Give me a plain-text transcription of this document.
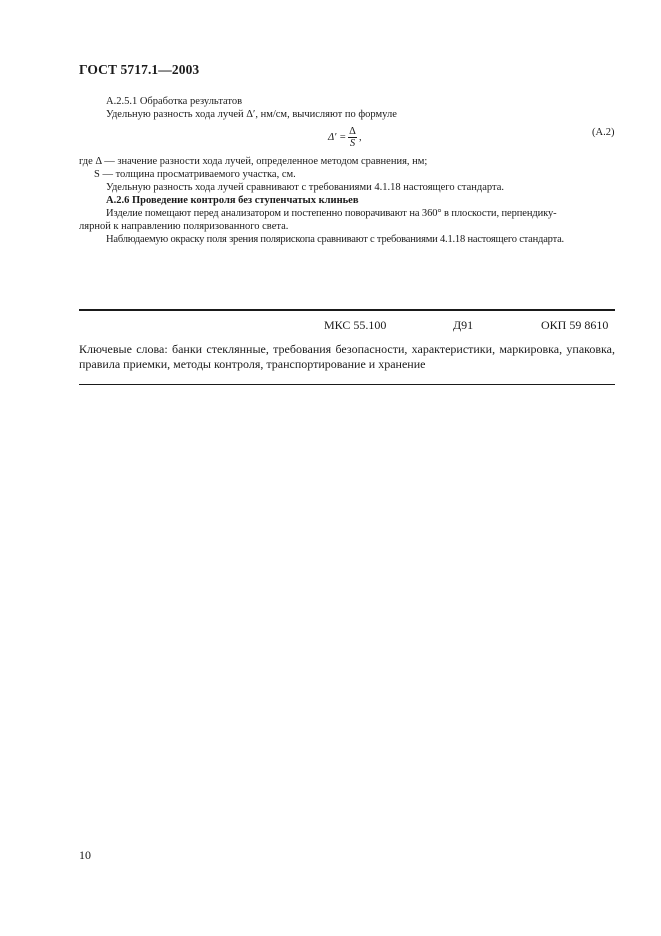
ГОСТ 5717.1—2003
А.2.5.1 Обработка результатов
Удельную разность хода лучей Δ′, нм/см, вычисляют по формуле
$\Delta' = \frac{\Delta}{S}$ ,	(A.2)
где Δ — значение разности хода лучей, определенное методом сравнения, нм;
S — толщина просматриваемого участка, см.
Удельную разность хода лучей сравнивают с требованиями 4.1.18 настоящего стандарта.
А.2.6 Проведение контроля без ступенчатых клиньев
Изделие помещают перед анализатором и постепенно поворачивают на 360° в плоскости, перпендику-
лярной к направлению поляризованного света.
Наблюдаемую окраску поля зрения полярископа сравнивают с требованиями 4.1.18 настоящего стандарта.
МКС 55.100	Д91	ОКП 59 8610
Ключевые слова: банки стеклянные, требования безопасности, характеристики, маркировка, упаковка, правила приемки, методы контроля, транспортирование и хранение
10
